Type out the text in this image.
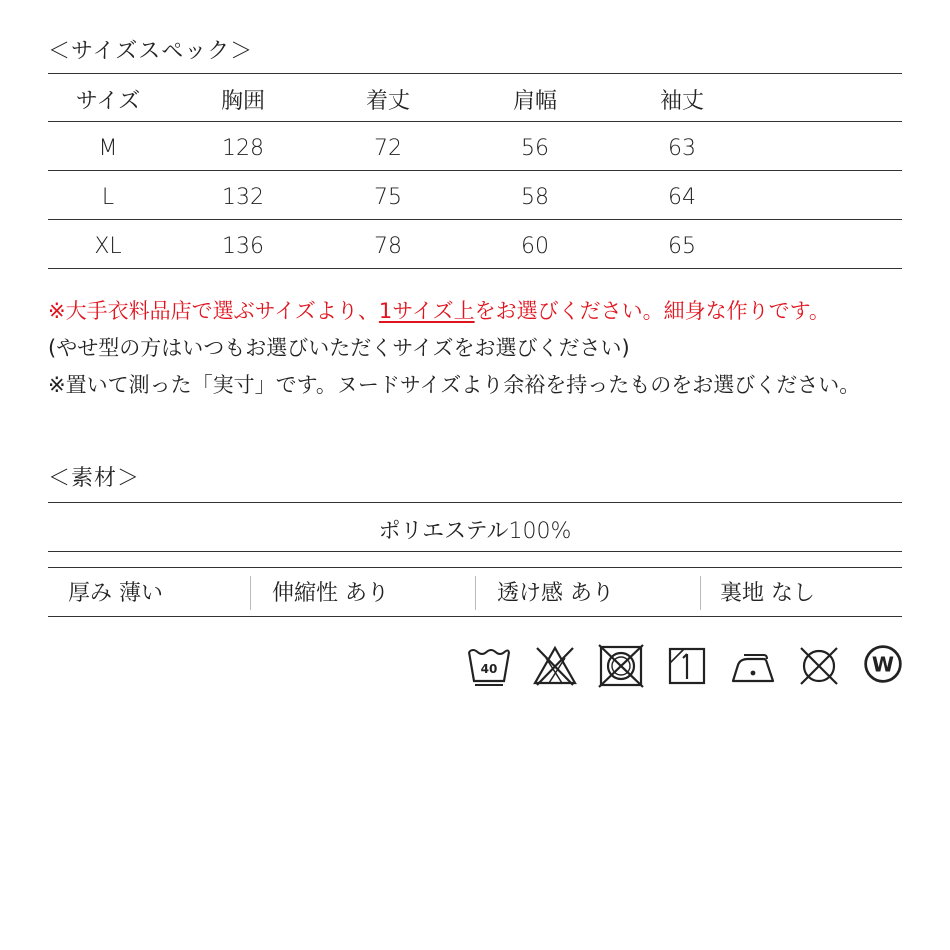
＜サイズスペック＞
サイズ	胸囲	着丈	肩幅	袖丈
M	128	72	56	63
L	132	75	58	64
XL	136	78	60	65
※大手衣料品店で選ぶサイズより、1サイズ上をお選びください。細身な作りです。
(やせ型の方はいつもお選びいただくサイズをお選びください)
※置いて測った「実寸」です。ヌードサイズより余裕を持ったものをお選びください。
＜素材＞
ポリエステル100%
厚み 薄い	伸縮性 あり	透け感 あり	裏地 なし
40	W
